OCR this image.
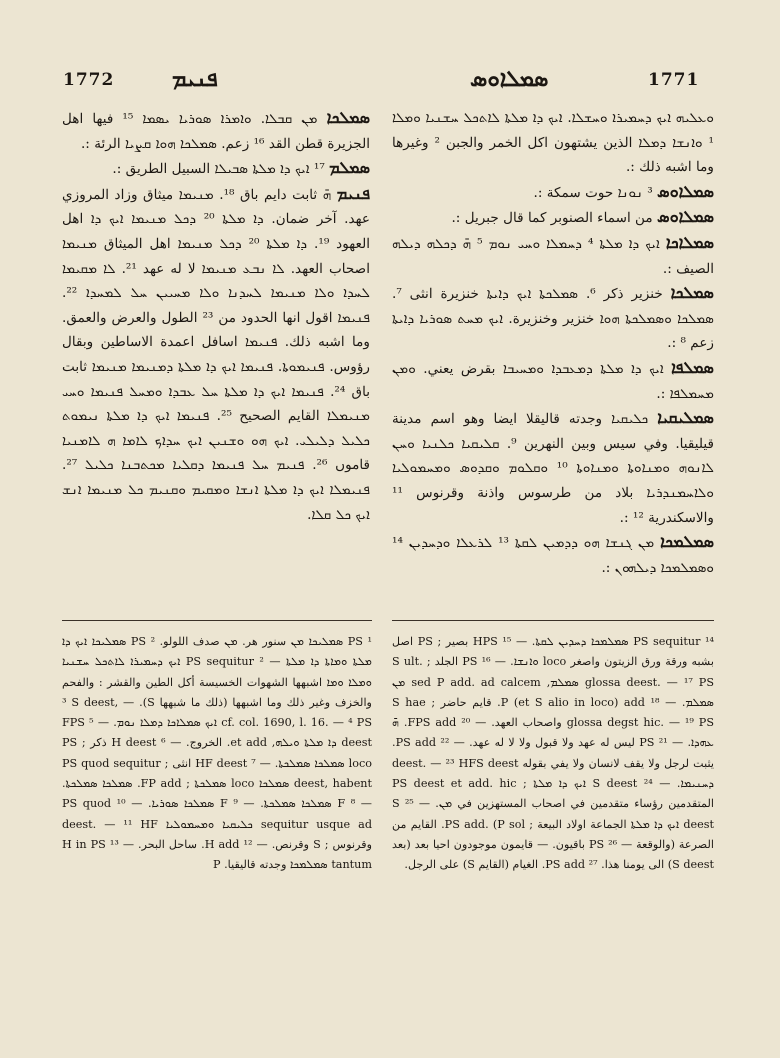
1772	ܦܢܝܡ	ܣܡܠܐܘܣ	1771

ܘܥܠܝܗ ܐܝܟ ܕܚܡܝܪܐ ܘܚܫܠܐ. ܐܝܟ ܕܐ ܡܠܬܐ ܠܐܬܟܠ ܚܫܢܝܐ ܘܡܠܐ ¹ ܘܐܢܫܐ ܕܡܠܐ الذين يشتهون اكل الخمر والجبن ² وغيرها وما اشبه ذلك :.

ܣܡܠܐܘܣ ³ ܢܘܢܐ حوت سمكة :.

ܣܡܠܐܘܣ من اسماء الصنوبر كما قال جبريل :.

ܣܡܠܐܟܐ ܐܝܟ ܕܐ ܡܠܬܐ ⁴ ܕܚܡܠܐ ܘܚܝ ܢܘܡ ⁵ ܗ̄ ܕܟܠܗ ܕܝܠܗ الصيف :.

ܣܡܠܟܐ خنزير ذكر ⁶. ܣܡܠܟܬܐ ܐܝܟ ܕܐܝܬܐ خنزيرة انثى ⁷. ܣܡܠܟܐ ܘܣܡܠܟܬܐ ܗܘܐ خنزير وخنزيرة. ܐܝܟ ܡܚܬ ܣܘܪܝܐ ܕܐܝܬܐ زعم ⁸ :.

ܣܡܠܦܐ ܐܝܟ ܕܐ ܡܠܬܐ ܕܡܥܒܕܐ ܘܡܚܝܒܐ بقرض يعني. ܘܡܢ ܡܚܡܠܦܐ :.

ܣܡܠܝܩܝܐ ܟܠܝܩܝܐ وجدته قاليقلا ايضا وهو اسم مدينة قيليقيا. وفي سيس وبين النهرين ⁹. ܩܠܝܩܝܐ ܟܠܢܝܐ ܘܚܢ ܠܐܢܘܗ ܘܡܢܐܘܬܐ ܘܡܢܐܘܬܐ ¹⁰ ܘܩܠܘܡ ܘܩܕܘܣ ܘܡܚܡܘܠܝܐ ܘܠܐܚܡܢܕܪܝܐ بلاد من طرسوس واذنة وقرنوس ¹¹ والاسكندرية ¹² :.

ܣܡܠܡܟܐ ܡܢ ܓܢܫܐ ܗܘ ܕܕܡܝܢ ܠܩܬܐ ¹³ ܠܪܥܠܐ ܘܕܚܕܝܢ ¹⁴ ܘܣܡܠܡܟܐ ܕܝܠܗܘܢ :.

ܣܡܠܟܐ ܡܢ ܩܒܠܐ. ܘܐܡܪܐ ܣܘܪܝܐ ܝܣܡܐ ¹⁵ فيها اهل الجزيرة قطن القد ¹⁶ زعم. ܣܡܠܟܐ ܗܘܐ ܩܨܝܐ الرئة :.

ܣܡܠܡ ¹⁷ ܐܝܟ ܕܐ ܡܠܬܐ ܣܒܝܠܐ السبيل الطريق :.

ܦܢܝܡ ܗ̄ ثابت دايم باق ¹⁸. ܡܢܝܡܐ ميثاق وزاد المروزي عهد. آخر ضمان. ܕܐ ܡܠܬܐ ²⁰ ܕܟܠ ܡܢܝܡܐ ܐܝܟ ܕܐ اهل العهود ¹⁹. ܕܐ ܡܠܬܐ ²⁰ ܕܟܠ ܡܢܝܡܐ اهل الميثاق ܡܢܝܡܐ اصحاب العهد. ܠܐ ܢܒܥ ܡܢܝܡܐ لا له عهد ²¹. ܠܐ ܡܩܝܡܐ ܠܚܕܐ ܘܠܐ ܡܢܝܡܐ ܠܚܕܢܐ ܘܠܐ ܡܚܝܝܢ ܚܠ ܠܡܚܕܐ ²². ܦܢܝܡܐ اقول انها الحدود من ²³ الطول والعرض والعمق. وما اشبه ذلك. ܦܢܝܡܐ اسافل اعمدة الاساطين وبقال رؤوس. ܦܢܝܡܘܬܐ. ܦܢܝܡܐ ܐܝܟ ܕܐ ܡܠܬܐ ܕܡܢܝܡܐ ܡܢܝܡܐ ثابت باق ²⁴. ܦܢܝܡܐ ܐܝܟ ܕܐ ܡܠܬܐ ܚܠ ܥܒܕܐ ܘܡܚܠ ܦܢܝܡܐ ܘܚܝ ܡܢܝܡܠܐ القايم الصحيح ²⁵. ܦܢܝܡܐ ܐܝܟ ܕܐ ܡܠܬܐ ܢܝܡܘܬ ܟܠܝܠ ܕܠܝܠܝ. ܐܝܟ ܗܘ ܘܫܢܝܢ ܐܝܟ ܚܕܐܟ ܠܐܡܐ ܗ ܠܐܡܢܝܐ قاموں ²⁶. ܦܢܝܡ ܚܠ ܦܢܝܡܐ ܕܩܠܝܐ ܡܟܬܒܢܐ ܟܠܝܠ ²⁷. ܦܢܝܡܠܐ ܐܝܟ ܕܐ ܡܠܬܐ ܐܢܫܐ ܘܡܩܝܡ ܘܩܢܝܡ ܟܠ ܡܢܝܡܐ ܐܢܫ ܐܝܟ ܟܠ ܩܠܐ.

¹⁴ PS sequitur ܣܡܠܡܟܐ ܕܚܕܝܢ ܠܩܬܐ. — ¹⁵ HPS بصير ; PS اصل بشبه ورقة ورق الزيتون واصغر loco ܘܐܢܫܐ. — ¹⁶ PS الجلد ; S ult. glossa deest. — ¹⁷ PS ܣܡܠܡ, sed P add. ad calcem ܡܢ ܣܡܠܡ. — ¹⁸ P (et S alio in loco) add. قايم حاضر ; S hae glossa degst hic. — ¹⁹ PS واصحاب العهد. — ²⁰ FPS add. ܗ̄ ܥܗܕܐ. — ²¹ PS ليس له عهد ولا قبول ولا لا له عهد. — ²² PS add. يثبت لرجل ولا يقف لانسان ولا يفي بقوله deest. — ²³ HFS deest ܕܚܢܝܡܐ. — ²⁴ S deest ܐܝܟ ܕܐ ܡܠܬܐ ; PS deest et add. hic المتقدمين رؤساء متقدمين في اصحاب المستهزين في ܡܢ. — ²⁵ S deest ܐܝܟ ܕܐ ܡܠܬܐ الجماعة اولاد البيعة ; PS add. (P sol. القايم من الصرعة (والوقعة — ²⁶ PS باقيون. — قايمون موجودون احيا بعد (بعد S deest) الى يومنا هذا. ²⁷ PS add. الغيام (القايم S) على الرجل.

¹ PS ܣܡܠܝܟܐ ܡܢ سنور هر. ܡܢ صدف اللولو. ² PS ܣܡܠܝܟܐ ܐܝܟ ܕܐ ܡܠܬܐ ܘܡܐܬܐ ܕܐ ܡܠܬܐ — ² PS sequitur ܐܝܟ ܕܚܡܝܪܐ ܠܐܬܟܠ ܚܫܢܝܐ ܘܡܠܐ ܘܡܐ اشبهها الشهوات الخسيسة أكل الطين والقشر : والفحم والخزف وغير ذلك وما اشبهها (ذلك ما شبهها S). — ³ S deest, cf. col. 1690, l. 16. — ⁴ PS ܐܝܟ ܣܡܠܐܟܐ ܕܡܠܐ ܢܘܡ. — ⁵ FPS deest ܕܐ ܡܠܬܐ ܘܝܠܗ, et add. الخروج. — ⁶ H deest ذكر ; PS loco ܣܡܠܟܐ ܣܡܠܟܬܐ. — ⁷ HF deest انثى ; PS quod sequitur deest, habent ܣܡܠܟܐ loco ܣܡܠܟܬܐ ; FP add. ܣܡܠܟܐ ܣܡܠܟܬܐ. — ⁸ F ܣܡܠܟܐ ܣܡܠܟܬܐ. — ⁹ F ܣܡܠܟܐ ܣܘܪܝܐ. — ¹⁰ PS quod sequitur usque ad ܟܠܝܩܝܐ ܘܡܚܡܘܠܝܐ deest. — ¹¹ HF وقرنوس ; S وقرنص. — ¹² H add. ساحل البحر. — ¹³ H in PS tantum ܣܡܠܡܟܐ وجدته قاليقيا. P
